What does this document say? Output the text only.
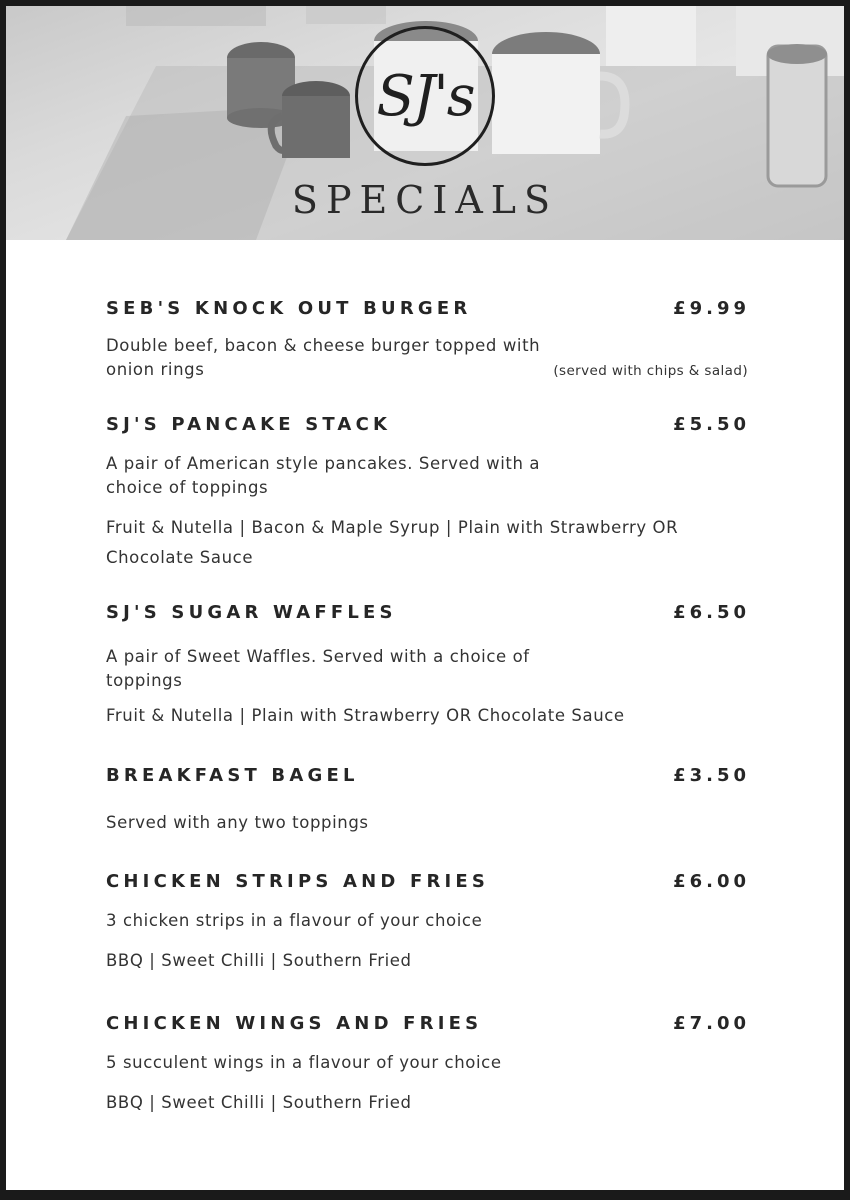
SJ's
SPECIALS
SEB'S KNOCK OUT BURGER	£9.99
Double beef, bacon & cheese burger topped with onion rings	(served with chips & salad)
SJ'S PANCAKE STACK	£5.50
A pair of American style pancakes. Served with a choice of toppings
Fruit & Nutella | Bacon & Maple Syrup | Plain with Strawberry OR Chocolate Sauce
SJ'S SUGAR WAFFLES	£6.50
A pair of Sweet Waffles. Served with a choice of toppings
Fruit & Nutella | Plain with Strawberry OR Chocolate Sauce
BREAKFAST BAGEL	£3.50
Served with any two toppings
CHICKEN STRIPS AND FRIES	£6.00
3 chicken strips in a flavour of your choice
BBQ | Sweet Chilli | Southern Fried
CHICKEN WINGS AND FRIES	£7.00
5 succulent wings in a flavour of your choice
BBQ | Sweet Chilli | Southern Fried
